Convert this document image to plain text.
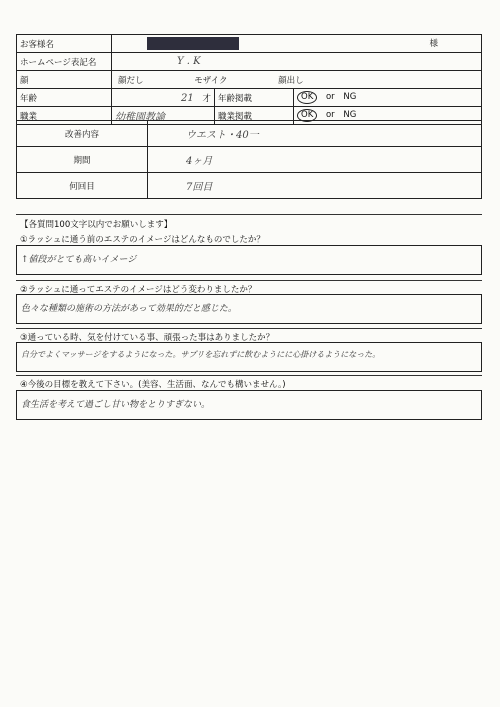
お客様名	様		

ホームページ表記名	Y . K		
顔	顔だし モザイク 顔出し		
年齢	21 才	年齢掲載	OK or NG
職業	幼稚園教諭	職業掲載	OK or NG
改善内容	ウエスト・40一
期間	4ヶ月
何回目	7回目
【各質問100文字以内でお願いします】
①ラッシュに通う前のエステのイメージはどんなものでしたか？
↑値段がとても高いイメージ
②ラッシュに通ってエステのイメージはどう変わりましたか？
色々な種類の施術の方法があって効果的だと感じた。
③通っている時、気を付けている事、頑張った事はありましたか？
自分でよくマッサージをするようになった。サプリを忘れずに飲むようにに心掛けるようになった。
④今後の目標を教えて下さい。(美容、生活面、なんでも構いません。)
食生活を考えて過ごし甘い物をとりすぎない。
